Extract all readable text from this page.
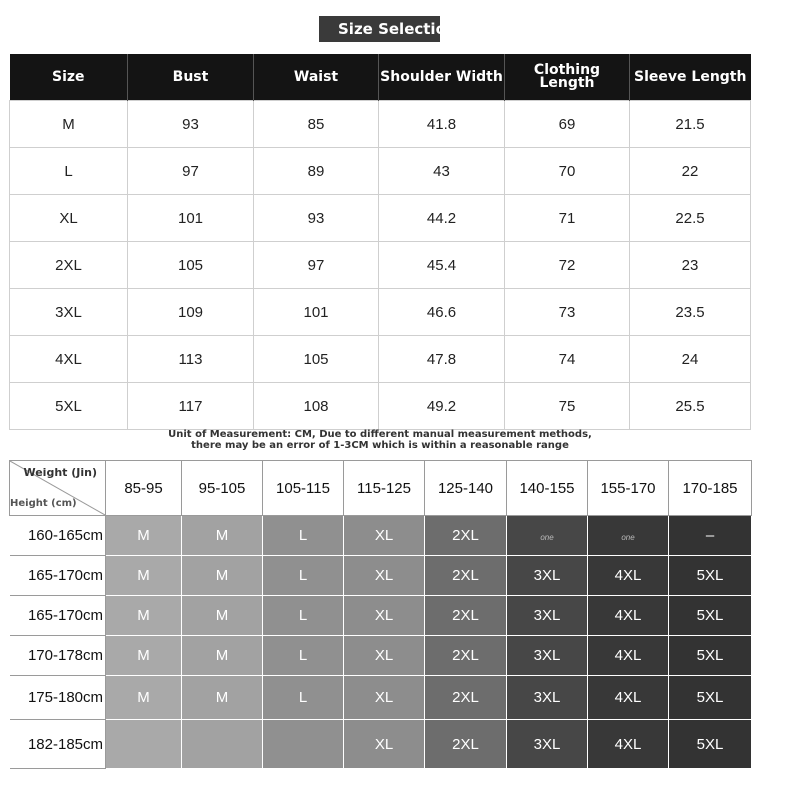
Size Selection
Size	Bust	Waist	Shoulder Width	Clothing Length	Sleeve Length
M	93	85	41.8	69	21.5
L	97	89	43	70	22
XL	101	93	44.2	71	22.5
2XL	105	97	45.4	72	23
3XL	109	101	46.6	73	23.5
4XL	113	105	47.8	74	24
5XL	117	108	49.2	75	25.5
Unit of Measurement: CM, Due to different manual measurement methods,
there may be an error of 1-3CM which is within a reasonable range
Weight (Jin)
Height (cm)	85-95	95-105	105-115	115-125	125-140	140-155	155-170	170-185
160-165cm	M	M	L	XL	2XL	one	one	–
165-170cm	M	M	L	XL	2XL	3XL	4XL	5XL
165-170cm	M	M	L	XL	2XL	3XL	4XL	5XL
170-178cm	M	M	L	XL	2XL	3XL	4XL	5XL
175-180cm	M	M	L	XL	2XL	3XL	4XL	5XL
182-185cm				XL	2XL	3XL	4XL	5XL
